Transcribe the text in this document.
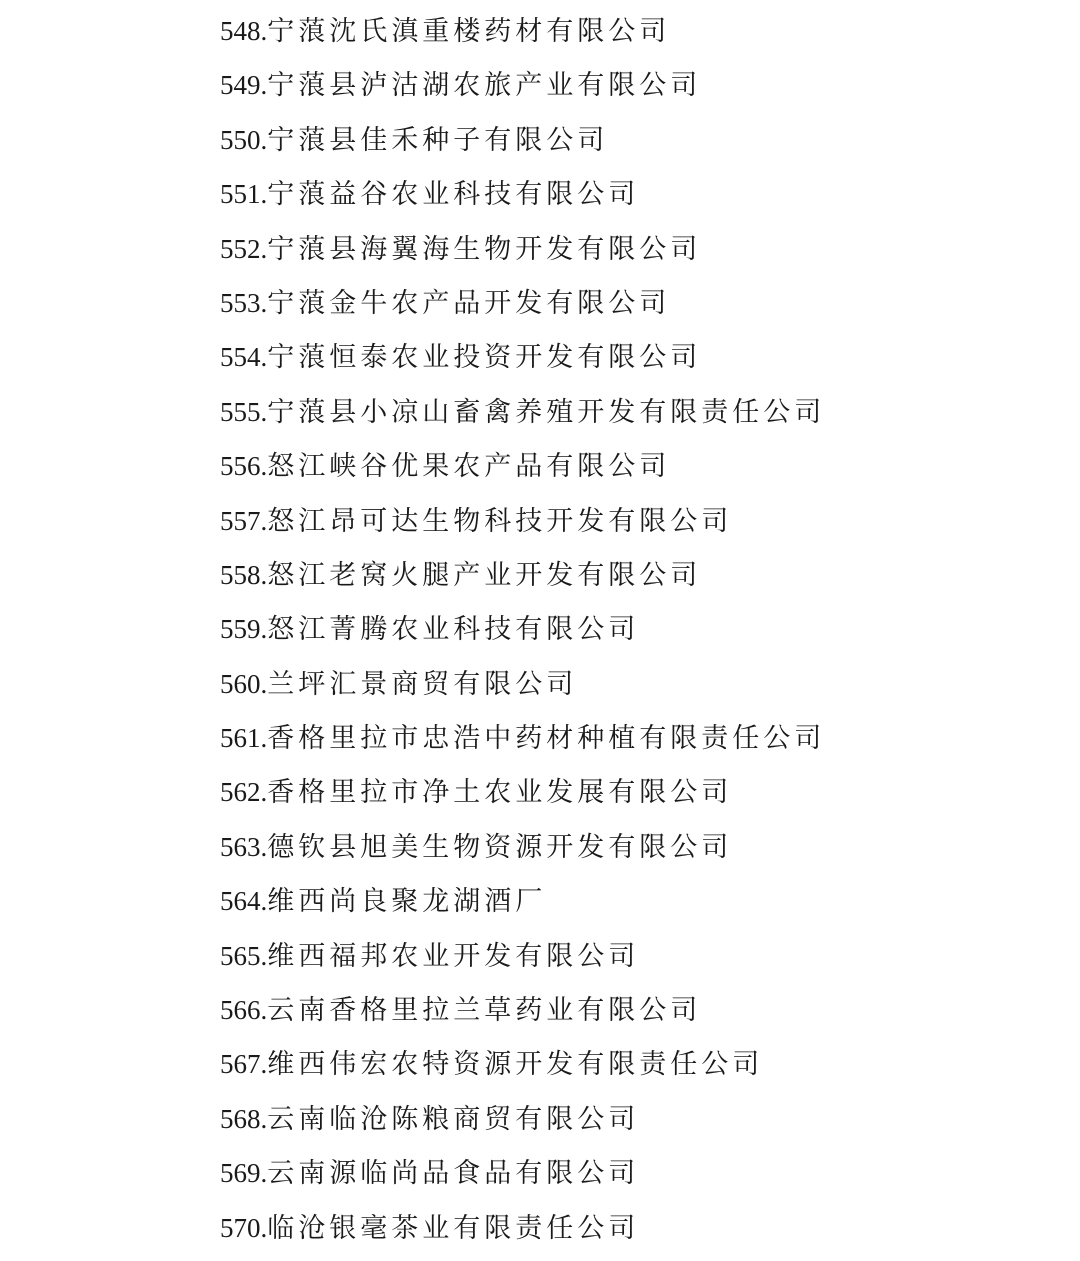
548.宁蒗沈氏滇重楼药材有限公司
549.宁蒗县泸沽湖农旅产业有限公司
550.宁蒗县佳禾种子有限公司
551.宁蒗益谷农业科技有限公司
552.宁蒗县海翼海生物开发有限公司
553.宁蒗金牛农产品开发有限公司
554.宁蒗恒泰农业投资开发有限公司
555.宁蒗县小凉山畜禽养殖开发有限责任公司
556.怒江峡谷优果农产品有限公司
557.怒江昂可达生物科技开发有限公司
558.怒江老窝火腿产业开发有限公司
559.怒江菁腾农业科技有限公司
560.兰坪汇景商贸有限公司
561.香格里拉市忠浩中药材种植有限责任公司
562.香格里拉市净土农业发展有限公司
563.德钦县旭美生物资源开发有限公司
564.维西尚良聚龙湖酒厂
565.维西福邦农业开发有限公司
566.云南香格里拉兰草药业有限公司
567.维西伟宏农特资源开发有限责任公司
568.云南临沧陈粮商贸有限公司
569.云南源临尚品食品有限公司
570.临沧银毫茶业有限责任公司
